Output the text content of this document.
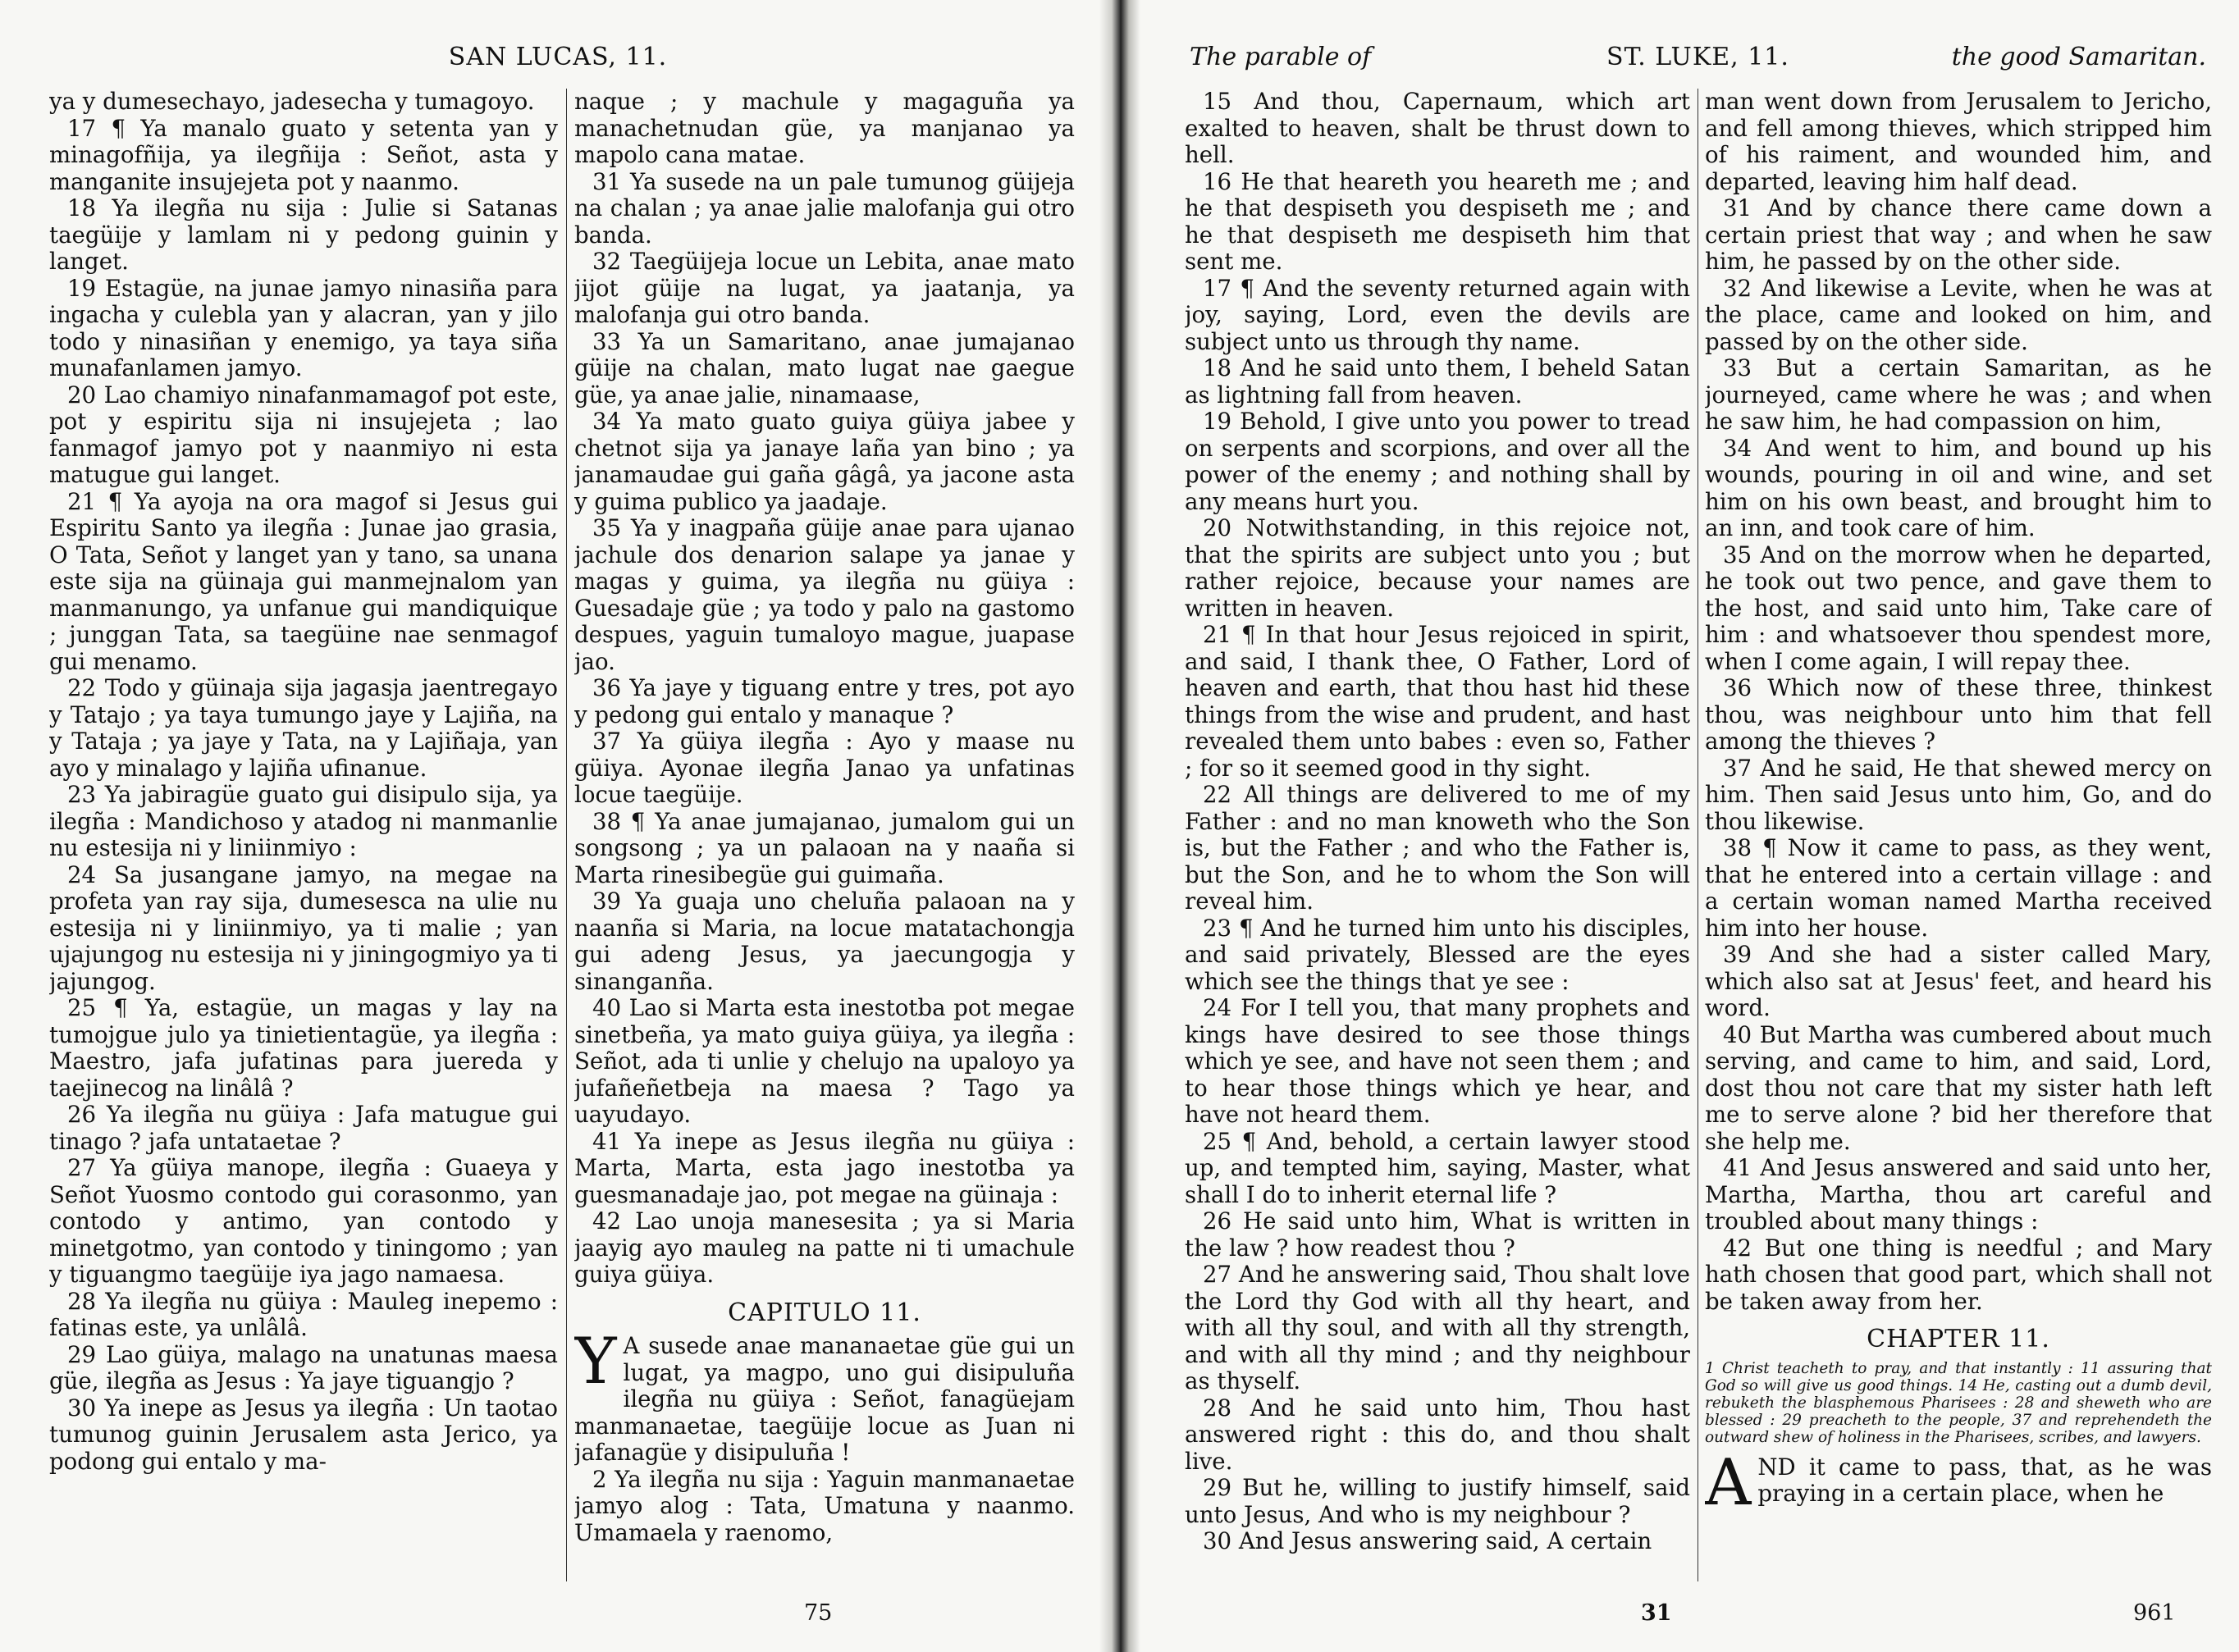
SAN LUCAS, 11.

ya y dumesechayo, jadesecha y tumagoyo.

17 ¶ Ya manalo guato y setenta yan y minagofñija, ya ilegñija : Señot, asta y manganite insujejeta pot y naanmo.

18 Ya ilegña nu sija : Julie si Satanas taegüije y lamlam ni y pedong guinin y langet.

19 Estagüe, na junae jamyo ninasiña para ingacha y culebla yan y alacran, yan y jilo todo y ninasiñan y enemigo, ya taya siña munafanlamen jamyo.

20 Lao chamiyo ninafanmamagof pot este, pot y espiritu sija ni insujejeta ; lao fanmagof jamyo pot y naanmiyo ni esta matugue gui langet.

21 ¶ Ya ayoja na ora magof si Jesus gui Espiritu Santo ya ilegña : Junae jao grasia, O Tata, Señot y langet yan y tano, sa unana este sija na güinaja gui manmejnalom yan manmanungo, ya unfanue gui mandiquique ; junggan Tata, sa taegüine nae senmagof gui menamo.

22 Todo y güinaja sija jagasja jaentregayo y Tatajo ; ya taya tumungo jaye y Lajiña, na y Tataja ; ya jaye y Tata, na y Lajiñaja, yan ayo y minalago y lajiña ufinanue.

23 Ya jabiragüe guato gui disipulo sija, ya ilegña : Mandichoso y atadog ni manmanlie nu estesija ni y liniinmiyo :

24 Sa jusangane jamyo, na megae na profeta yan ray sija, dumesesca na ulie nu estesija ni y liniinmiyo, ya ti malie ; yan ujajungog nu estesija ni y jiningogmiyo ya ti jajungog.

25 ¶ Ya, estagüe, un magas y lay na tumojgue julo ya tinietientagüe, ya ilegña : Maestro, jafa jufatinas para juereda y taejinecog na linâlâ ?

26 Ya ilegña nu güiya : Jafa matugue gui tinago ? jafa untataetae ?

27 Ya güiya manope, ilegña : Guaeya y Señot Yuosmo contodo gui corasonmo, yan contodo y antimo, yan contodo y minetgotmo, yan contodo y tiningomo ; yan y tiguangmo taegüije iya jago namaesa.

28 Ya ilegña nu güiya : Mauleg inepemo : fatinas este, ya unlâlâ.

29 Lao güiya, malago na unatunas maesa güe, ilegña as Jesus : Ya jaye tiguangjo ?

30 Ya inepe as Jesus ya ilegña : Un taotao tumunog guinin Jerusalem asta Jerico, ya podong gui entalo y ma-

naque ; y machule y magaguña ya manachetnudan güe, ya manjanao ya mapolo cana matae.

31 Ya susede na un pale tumunog güijeja na chalan ; ya anae jalie malofanja gui otro banda.

32 Taegüijeja locue un Lebita, anae mato jijot güije na lugat, ya jaatanja, ya malofanja gui otro banda.

33 Ya un Samaritano, anae jumajanao güije na chalan, mato lugat nae gaegue güe, ya anae jalie, ninamaase,

34 Ya mato guato guiya güiya jabee y chetnot sija ya janaye laña yan bino ; ya janamaudae gui gaña gâgâ, ya jacone asta y guima publico ya jaadaje.

35 Ya y inagpaña güije anae para ujanao jachule dos denarion salape ya janae y magas y guima, ya ilegña nu güiya : Guesadaje güe ; ya todo y palo na gastomo despues, yaguin tumaloyo mague, juapase jao.

36 Ya jaye y tiguang entre y tres, pot ayo y pedong gui entalo y manaque ?

37 Ya güiya ilegña : Ayo y maase nu güiya. Ayonae ilegña Janao ya unfatinas locue taegüije.

38 ¶ Ya anae jumajanao, jumalom gui un songsong ; ya un palaoan na y naaña si Marta rinesibegüe gui guimaña.

39 Ya guaja uno cheluña palaoan na y naanña si Maria, na locue matatachongja gui adeng Jesus, ya jaecungogja y sinanganña.

40 Lao si Marta esta inestotba pot megae sinetbeña, ya mato guiya güiya, ya ilegña : Señot, ada ti unlie y chelujo na upaloyo ya jufañeñetbeja na maesa ? Tago ya uayudayo.

41 Ya inepe as Jesus ilegña nu güiya : Marta, Marta, esta jago inestotba ya guesmanadaje jao, pot megae na güinaja :

42 Lao unoja manesesita ; ya si Maria jaayig ayo mauleg na patte ni ti umachule guiya güiya.

CAPITULO 11.

Y A susede anae mananaetae güe gui un lugat, ya magpo, uno gui disipuluña ilegña nu güiya : Señot, fanagüejam manmanaetae, taegüije locue as Juan ni jafanagüe y disipuluña !

2 Ya ilegña nu sija : Yaguin manmanaetae jamyo alog : Tata, Umatuna y naanmo. Umamaela y raenomo,

75
The parable of	ST. LUKE, 11.	the good Samaritan.

15 And thou, Capernaum, which art exalted to heaven, shalt be thrust down to hell.

16 He that heareth you heareth me ; and he that despiseth you despiseth me ; and he that despiseth me despiseth him that sent me.

17 ¶ And the seventy returned again with joy, saying, Lord, even the devils are subject unto us through thy name.

18 And he said unto them, I beheld Satan as lightning fall from heaven.

19 Behold, I give unto you power to tread on serpents and scorpions, and over all the power of the enemy ; and nothing shall by any means hurt you.

20 Notwithstanding, in this rejoice not, that the spirits are subject unto you ; but rather rejoice, because your names are written in heaven.

21 ¶ In that hour Jesus rejoiced in spirit, and said, I thank thee, O Father, Lord of heaven and earth, that thou hast hid these things from the wise and prudent, and hast revealed them unto babes : even so, Father ; for so it seemed good in thy sight.

22 All things are delivered to me of my Father : and no man knoweth who the Son is, but the Father ; and who the Father is, but the Son, and he to whom the Son will reveal him.

23 ¶ And he turned him unto his disciples, and said privately, Blessed are the eyes which see the things that ye see :

24 For I tell you, that many prophets and kings have desired to see those things which ye see, and have not seen them ; and to hear those things which ye hear, and have not heard them.

25 ¶ And, behold, a certain lawyer stood up, and tempted him, saying, Master, what shall I do to inherit eternal life ?

26 He said unto him, What is written in the law ? how readest thou ?

27 And he answering said, Thou shalt love the Lord thy God with all thy heart, and with all thy soul, and with all thy strength, and with all thy mind ; and thy neighbour as thyself.

28 And he said unto him, Thou hast answered right : this do, and thou shalt live.

29 But he, willing to justify himself, said unto Jesus, And who is my neighbour ?

30 And Jesus answering said, A certain

man went down from Jerusalem to Jericho, and fell among thieves, which stripped him of his raiment, and wounded him, and departed, leaving him half dead.

31 And by chance there came down a certain priest that way ; and when he saw him, he passed by on the other side.

32 And likewise a Levite, when he was at the place, came and looked on him, and passed by on the other side.

33 But a certain Samaritan, as he journeyed, came where he was ; and when he saw him, he had compassion on him,

34 And went to him, and bound up his wounds, pouring in oil and wine, and set him on his own beast, and brought him to an inn, and took care of him.

35 And on the morrow when he departed, he took out two pence, and gave them to the host, and said unto him, Take care of him : and whatsoever thou spendest more, when I come again, I will repay thee.

36 Which now of these three, thinkest thou, was neighbour unto him that fell among the thieves ?

37 And he said, He that shewed mercy on him. Then said Jesus unto him, Go, and do thou likewise.

38 ¶ Now it came to pass, as they went, that he entered into a certain village : and a certain woman named Martha received him into her house.

39 And she had a sister called Mary, which also sat at Jesus' feet, and heard his word.

40 But Martha was cumbered about much serving, and came to him, and said, Lord, dost thou not care that my sister hath left me to serve alone ? bid her therefore that she help me.

41 And Jesus answered and said unto her, Martha, Martha, thou art careful and troubled about many things :

42 But one thing is needful ; and Mary hath chosen that good part, which shall not be taken away from her.

CHAPTER 11.

1 Christ teacheth to pray, and that instantly : 11 assuring that God so will give us good things. 14 He, casting out a dumb devil, rebuketh the blasphemous Pharisees : 28 and sheweth who are blessed : 29 preacheth to the people, 37 and reprehendeth the outward shew of holiness in the Pharisees, scribes, and lawyers.

AND it came to pass, that, as he was praying in a certain place, when he

31	961
